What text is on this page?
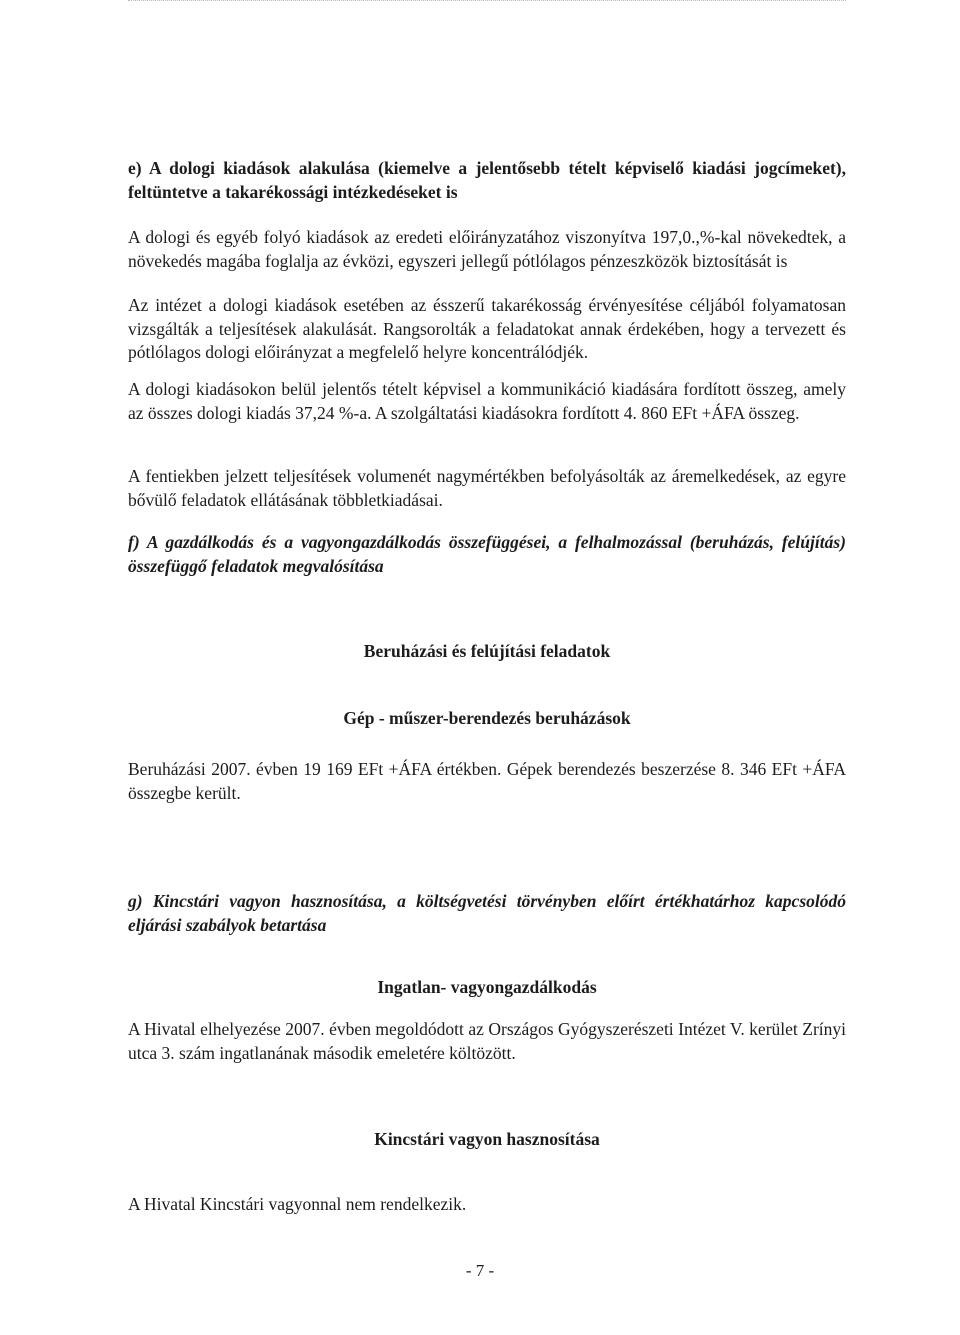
e) A dologi kiadások alakulása (kiemelve a jelentősebb tételt képviselő kiadási jogcímeket), feltüntetve a takarékossági intézkedéseket is

A dologi és egyéb folyó kiadások az eredeti előirányzatához viszonyítva 197,0.,%-kal növekedtek, a növekedés magába foglalja az évközi, egyszeri jellegű pótlólagos pénzeszközök biztosítását is

Az intézet a dologi kiadások esetében az ésszerű takarékosság érvényesítése céljából folyamatosan vizsgálták a teljesítések alakulását. Rangsorolták a feladatokat annak érdekében, hogy a tervezett és pótlólagos dologi előirányzat a megfelelő helyre koncentrálódjék.

A dologi kiadásokon belül jelentős tételt képvisel a kommunikáció kiadására fordított összeg, amely az összes dologi kiadás 37,24 %-a. A szolgáltatási kiadásokra fordított 4. 860 EFt +ÁFA összeg.

A fentiekben jelzett teljesítések volumenét nagymértékben befolyásolták az áremelkedések, az egyre bővülő feladatok ellátásának többletkiadásai.

f) A gazdálkodás és a vagyongazdálkodás összefüggései, a felhalmozással (beruházás, felújítás) összefüggő feladatok megvalósítása

Beruházási és felújítási feladatok

Gép - műszer-berendezés beruházások

Beruházási 2007. évben 19 169 EFt +ÁFA értékben. Gépek berendezés beszerzése 8. 346 EFt +ÁFA összegbe került.

g) Kincstári vagyon hasznosítása, a költségvetési törvényben előírt értékhatárhoz kapcsolódó eljárási szabályok betartása

Ingatlan- vagyongazdálkodás

A Hivatal elhelyezése 2007. évben megoldódott az Országos Gyógyszerészeti Intézet V. kerület Zrínyi utca 3. szám ingatlanának második emeletére költözött.

Kincstári vagyon hasznosítása

A Hivatal Kincstári vagyonnal nem rendelkezik.

- 7 -
